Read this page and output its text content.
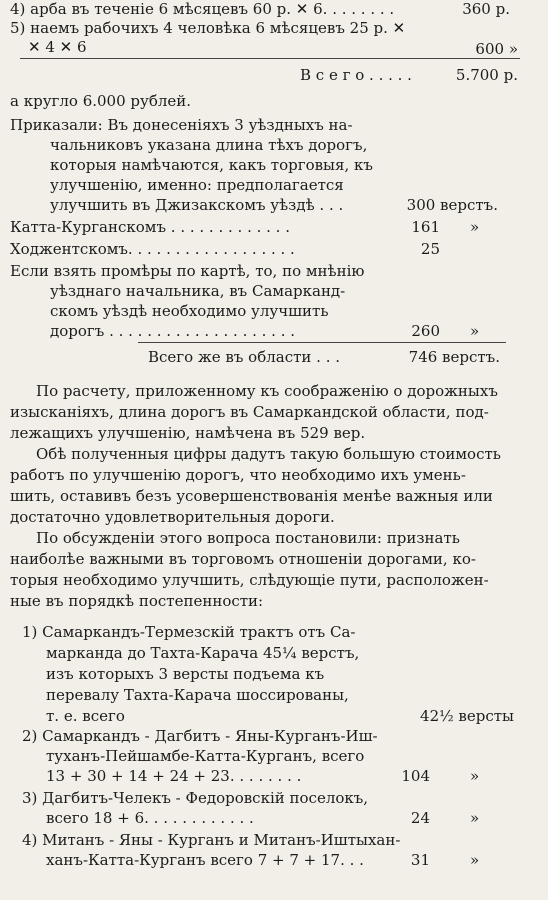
4) арба въ теченіе 6 мѣсяцевъ 60 р. ✕ 6. . . . . . . .
5) наемъ рабочихъ 4 человѣка 6 мѣсяцевъ 25 р. ✕
✕ 4 ✕ 6
В с е г о . . . . .
а кругло 6.000 рублей.
Приказали: Въ донесеніяхъ 3 уѣздныхъ на-
чальниковъ указана длина тѣхъ дорогъ,
которыя намѣчаются, какъ торговыя, къ
улучшенію, именно: предполагается
улучшить въ Джизакскомъ уѣздѣ . . .
Катта-Курганскомъ . . . . . . . . . . . . .
Ходжентскомъ. . . . . . . . . . . . . . . . . .
Если взять промѣры по картѣ, то, по мнѣнію
уѣзднаго начальника, въ Самарканд-
скомъ уѣздѣ необходимо улучшить
дорогъ . . . . . . . . . . . . . . . . . . . .
Всего же въ области . . .
По расчету, приложенному къ соображенію о дорожныхъ
изысканіяхъ, длина дорогъ въ Самаркандской области, под-
лежащихъ улучшенію, намѣчена въ 529 вер.
Обѣ полученныя цифры дадутъ такую большую стоимость
работъ по улучшенію дорогъ, что необходимо ихъ умень-
шить, оставивъ безъ усовершенствованія менѣе важныя или
достаточно удовлетворительныя дороги.
По обсужденіи этого вопроса постановили: признать
наиболѣе важными въ торговомъ отношеніи дорогами, ко-
торыя необходимо улучшить, слѣдующіе пути, расположен-
ные въ порядкѣ постепенности:
1) Самаркандъ-Термезскій трактъ отъ Са-
марканда до Тахта-Карача 45¼ верстъ,
изъ которыхъ 3 версты подъема къ
перевалу Тахта-Карача шоссированы,
т. е. всего
2) Самаркандъ - Дагбитъ - Яны-Курганъ-Иш-
туханъ-Пейшамбе-Катта-Курганъ, всего
13 + 30 + 14 + 24 + 23. . . . . . . .
3) Дагбитъ-Челекъ - Федоровскій поселокъ,
всего 18 + 6. . . . . . . . . . . .
4) Митанъ - Яны - Курганъ и Митанъ-Иштыхан-
ханъ-Катта-Курганъ всего 7 + 7 + 17. . .
360 р.
600 »
5.700 р.
300 верстъ.
161
25
260
746 верстъ.
42½ версты
104
24
31
»
»
»
»
»
